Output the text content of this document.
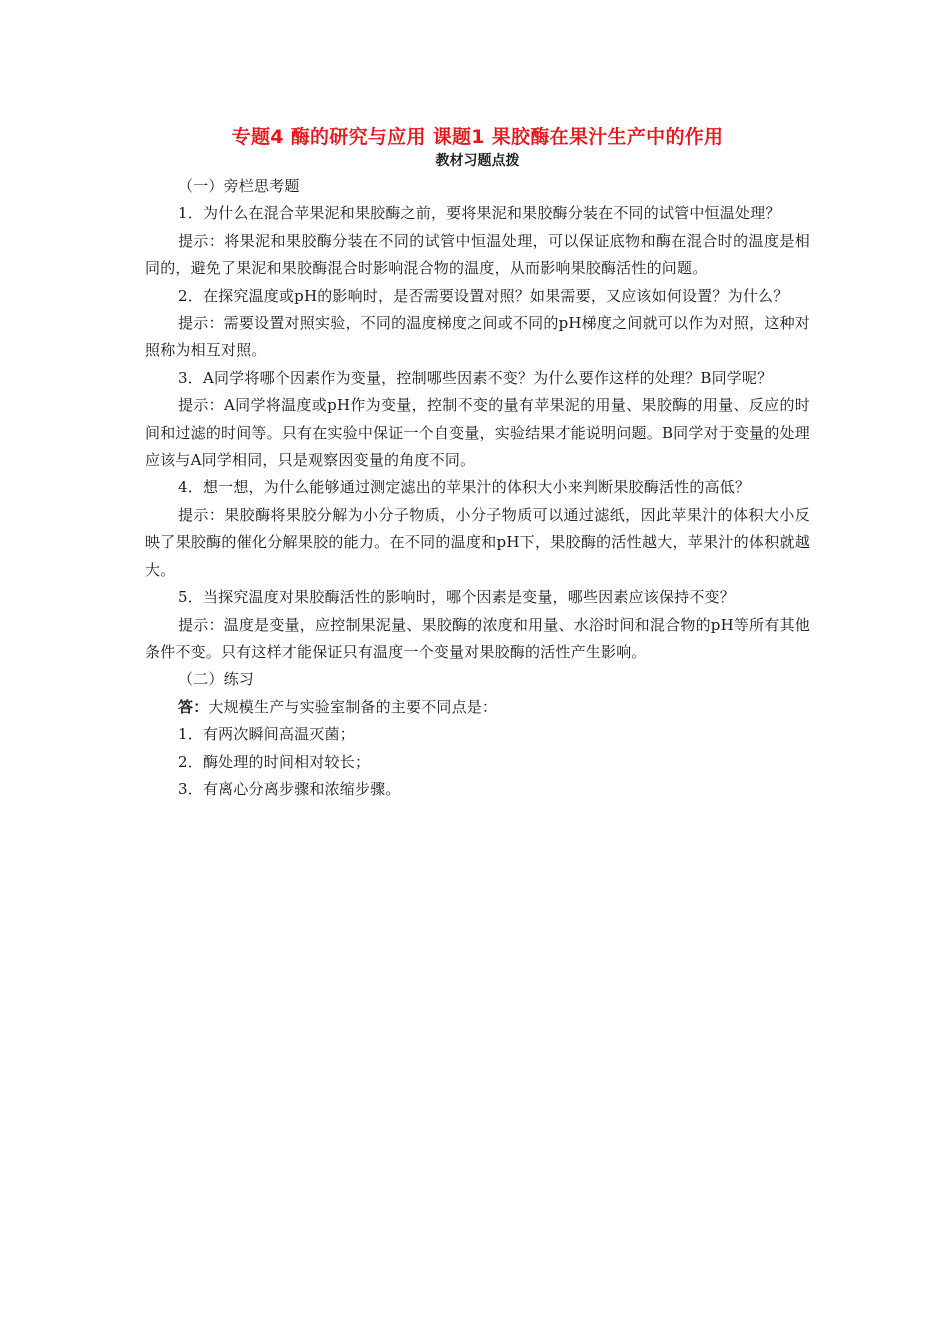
专题4 酶的研究与应用 课题1 果胶酶在果汁生产中的作用
教材习题点拨

（一）旁栏思考题

1．为什么在混合苹果泥和果胶酶之前，要将果泥和果胶酶分装在不同的试管中恒温处理？

提示：将果泥和果胶酶分装在不同的试管中恒温处理，可以保证底物和酶在混合时的温度是相同的，避免了果泥和果胶酶混合时影响混合物的温度，从而影响果胶酶活性的问题。

2．在探究温度或pH的影响时，是否需要设置对照？如果需要，又应该如何设置？为什么？

提示：需要设置对照实验，不同的温度梯度之间或不同的pH梯度之间就可以作为对照，这种对照称为相互对照。

3．A同学将哪个因素作为变量，控制哪些因素不变？为什么要作这样的处理？B同学呢？

提示：A同学将温度或pH作为变量，控制不变的量有苹果泥的用量、果胶酶的用量、反应的时间和过滤的时间等。只有在实验中保证一个自变量，实验结果才能说明问题。B同学对于变量的处理应该与A同学相同，只是观察因变量的角度不同。

4．想一想，为什么能够通过测定滤出的苹果汁的体积大小来判断果胶酶活性的高低？

提示：果胶酶将果胶分解为小分子物质，小分子物质可以通过滤纸，因此苹果汁的体积大小反映了果胶酶的催化分解果胶的能力。在不同的温度和pH下，果胶酶的活性越大，苹果汁的体积就越大。

5．当探究温度对果胶酶活性的影响时，哪个因素是变量，哪些因素应该保持不变？

提示：温度是变量，应控制果泥量、果胶酶的浓度和用量、水浴时间和混合物的pH等所有其他条件不变。只有这样才能保证只有温度一个变量对果胶酶的活性产生影响。

（二）练习

答：大规模生产与实验室制备的主要不同点是：

1．有两次瞬间高温灭菌；

2．酶处理的时间相对较长；

3．有离心分离步骤和浓缩步骤。
